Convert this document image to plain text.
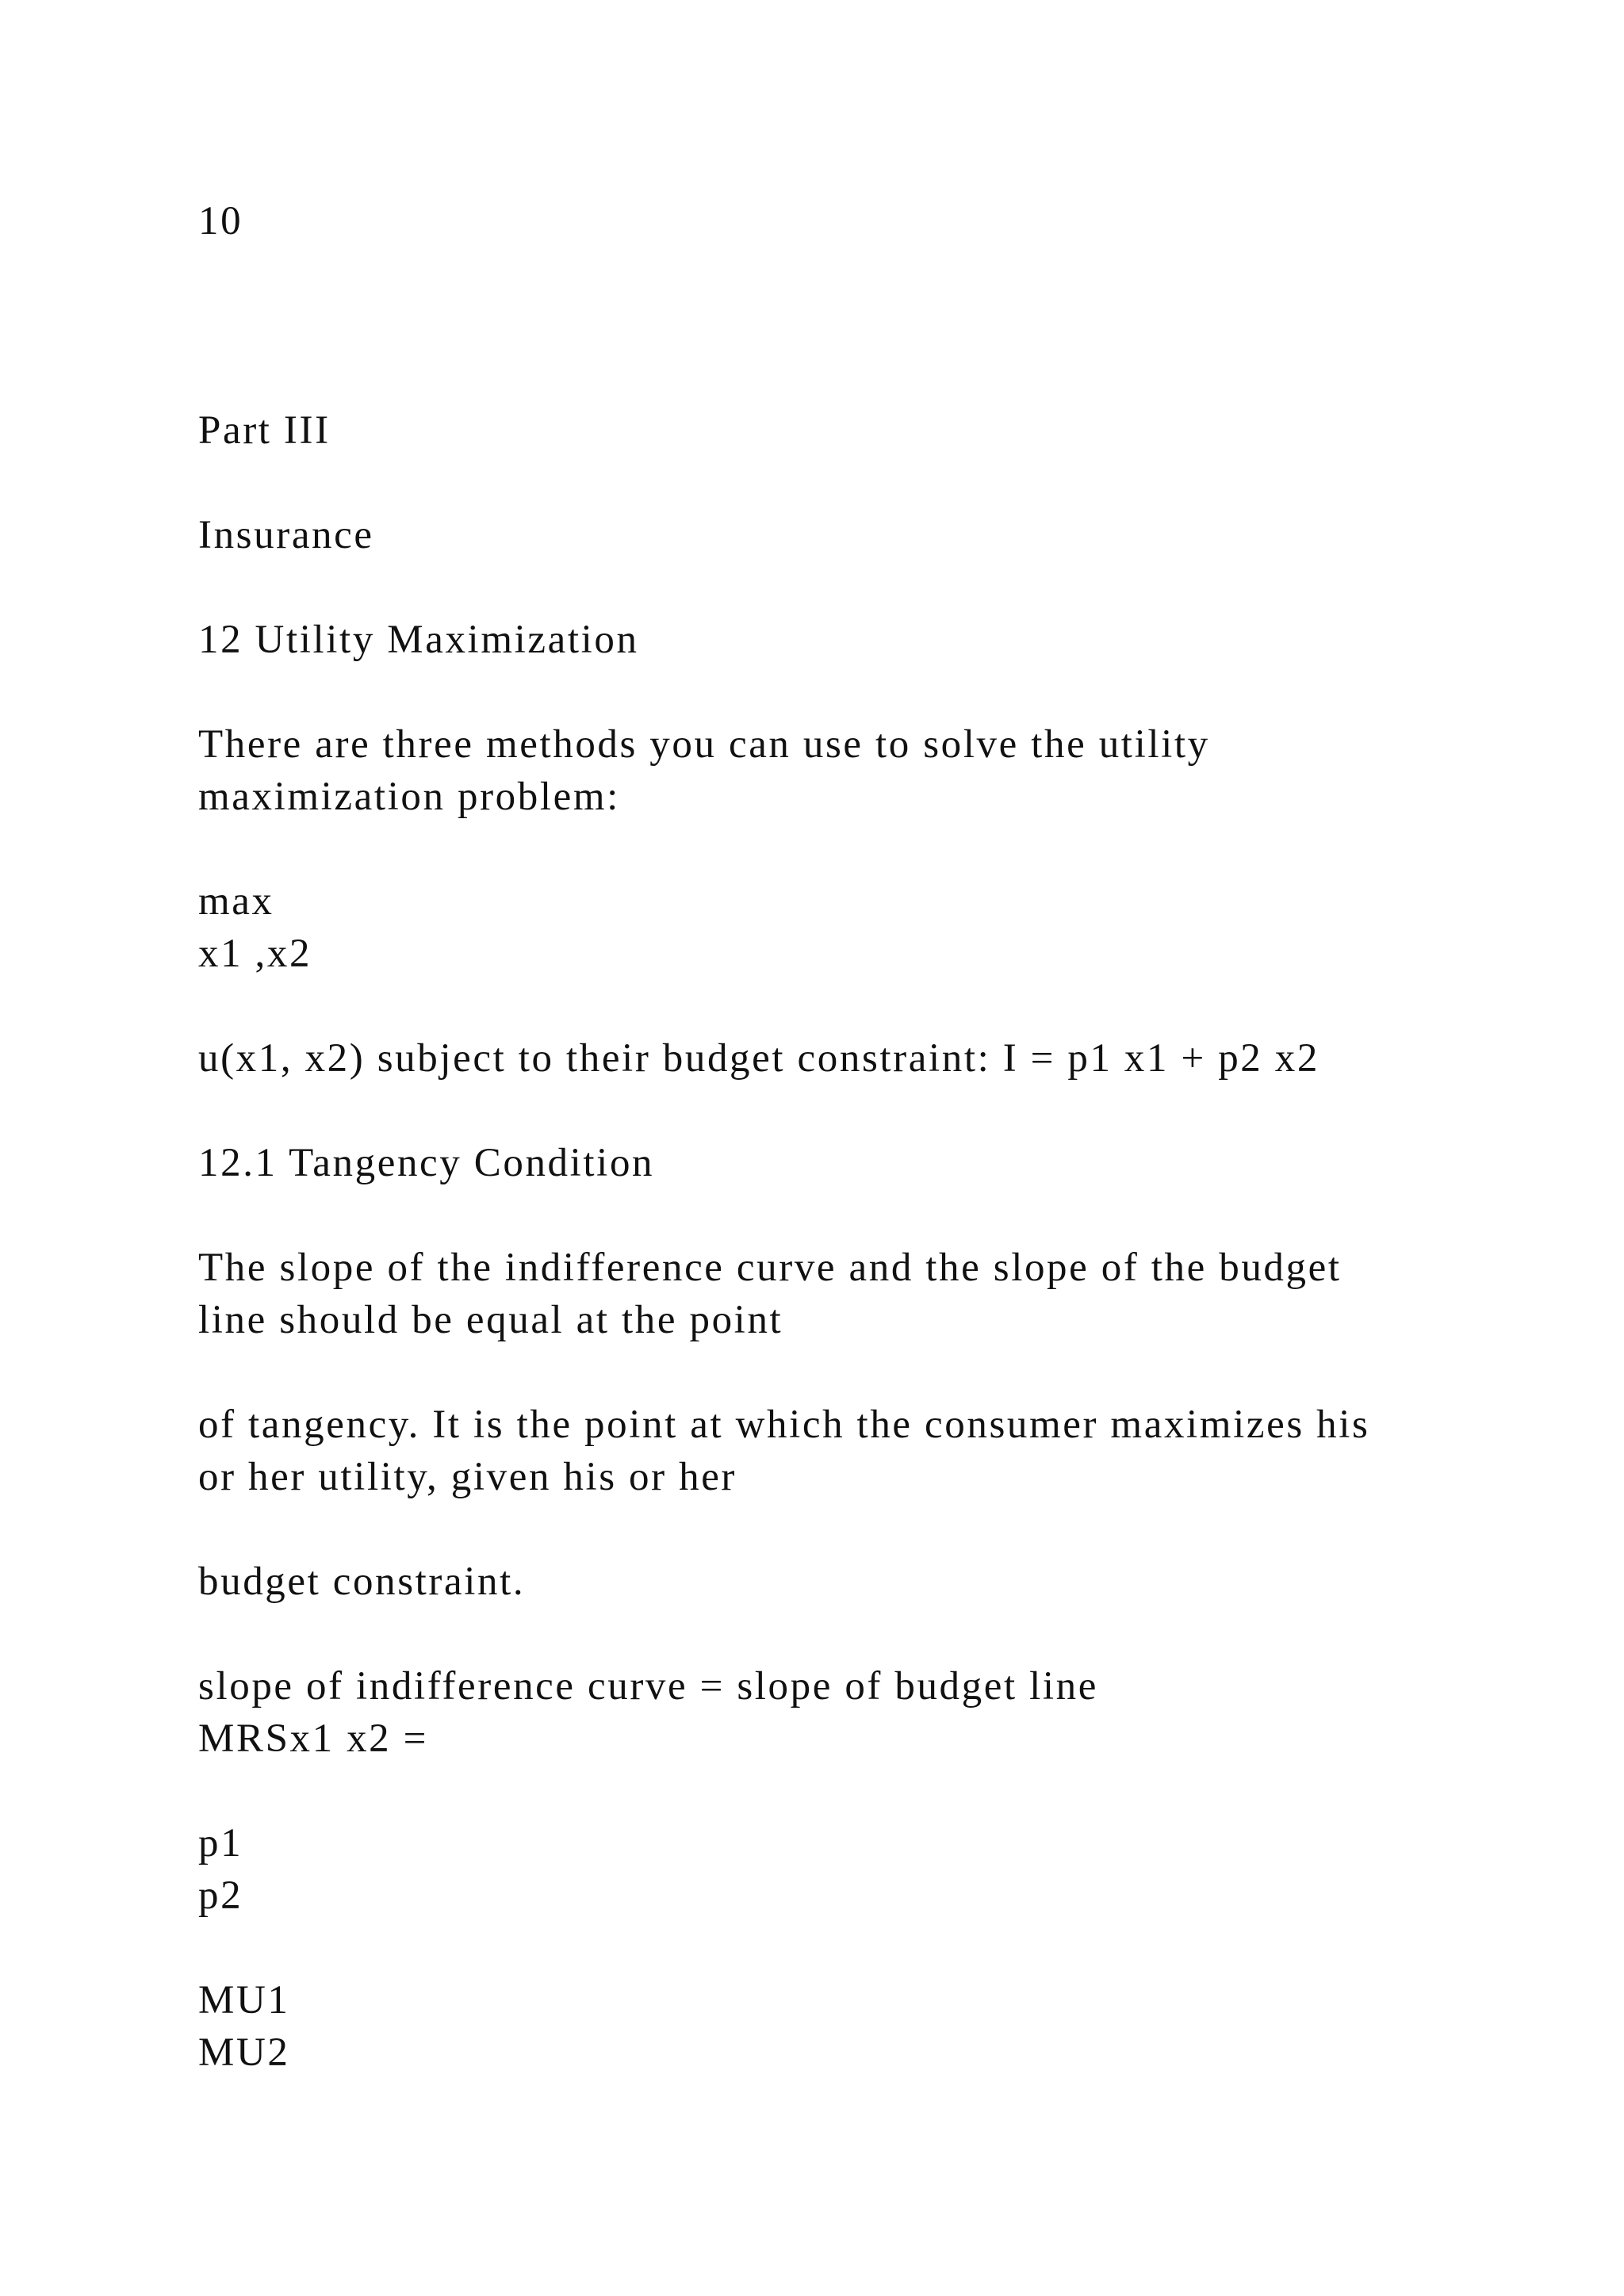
10
Part III
Insurance
12 Utility Maximization
There are three methods you can use to solve the utility
maximization problem:
max
x1 ,x2
u(x1, x2) subject to their budget constraint: I = p1 x1 + p2 x2
12.1 Tangency Condition
The slope of the indifference curve and the slope of the budget
line should be equal at the point
of tangency. It is the point at which the consumer maximizes his
or her utility, given his or her
budget constraint.
slope of indifference curve = slope of budget line
MRSx1 x2 =
p1
p2
MU1
MU2
